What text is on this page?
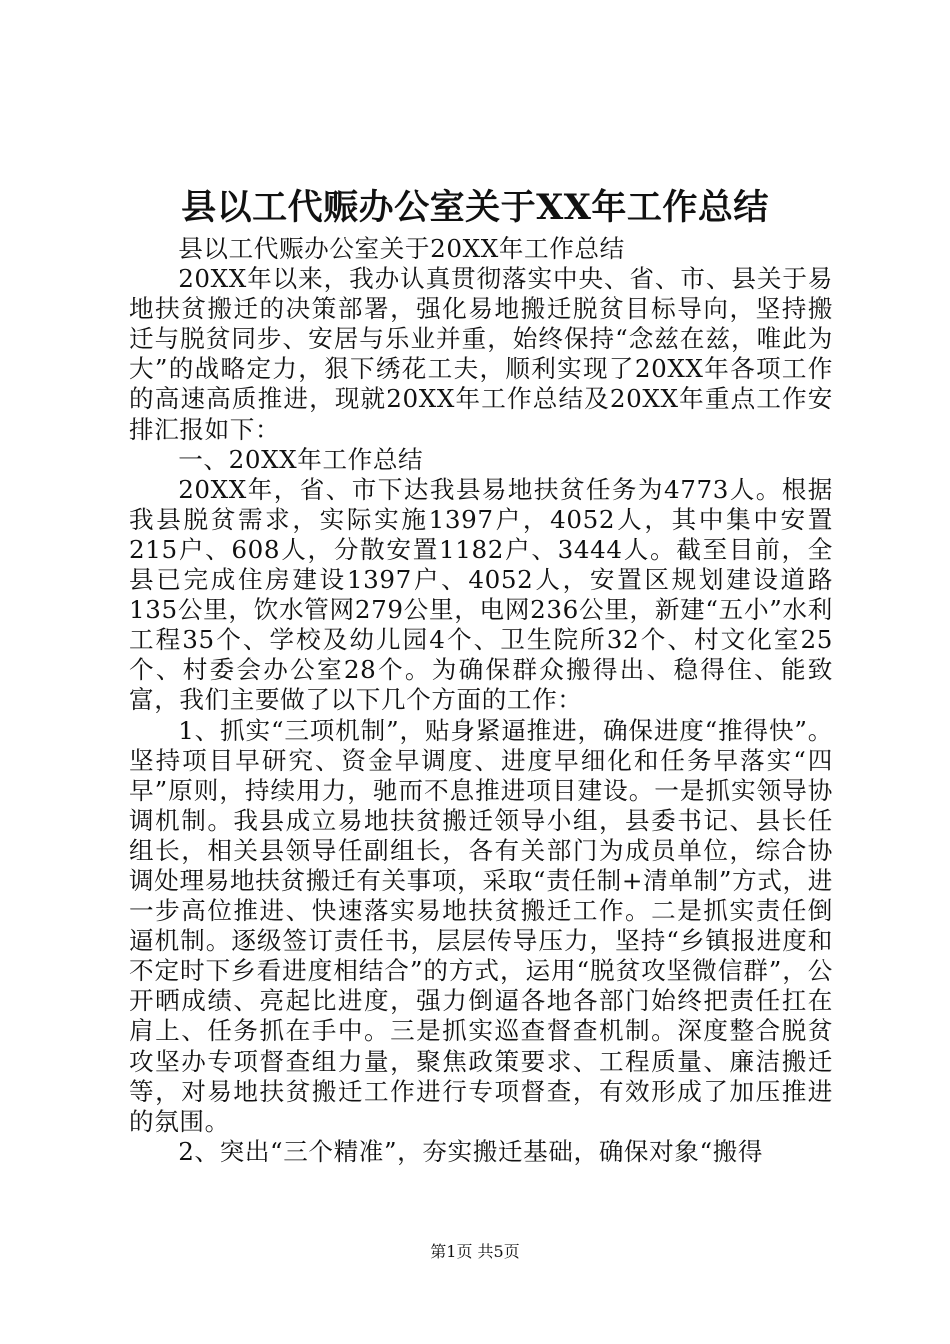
县以工代赈办公室关于XX年工作总结

县以工代赈办公室关于20XX年工作总结

20XX年以来，我办认真贯彻落实中央、省、市、县关于易地扶贫搬迁的决策部署，强化易地搬迁脱贫目标导向，坚持搬迁与脱贫同步、安居与乐业并重，始终保持“念兹在兹，唯此为大”的战略定力，狠下绣花工夫，顺利实现了20XX年各项工作的高速高质推进，现就20XX年工作总结及20XX年重点工作安排汇报如下：

一、20XX年工作总结

20XX年，省、市下达我县易地扶贫任务为4773人。根据我县脱贫需求，实际实施1397户，4052人，其中集中安置215户、608人，分散安置1182户、3444人。截至目前，全县已完成住房建设1397户、4052人，安置区规划建设道路135公里，饮水管网279公里，电网236公里，新建“五小”水利工程35个、学校及幼儿园4个、卫生院所32个、村文化室25个、村委会办公室28个。为确保群众搬得出、稳得住、能致富，我们主要做了以下几个方面的工作：

1、抓实“三项机制”，贴身紧逼推进，确保进度“推得快”。坚持项目早研究、资金早调度、进度早细化和任务早落实“四早”原则，持续用力，驰而不息推进项目建设。一是抓实领导协调机制。我县成立易地扶贫搬迁领导小组，县委书记、县长任组长，相关县领导任副组长，各有关部门为成员单位，综合协调处理易地扶贫搬迁有关事项，采取“责任制+清单制”方式，进一步高位推进、快速落实易地扶贫搬迁工作。二是抓实责任倒逼机制。逐级签订责任书，层层传导压力，坚持“乡镇报进度和不定时下乡看进度相结合”的方式，运用“脱贫攻坚微信群”，公开晒成绩、亮起比进度，强力倒逼各地各部门始终把责任扛在肩上、任务抓在手中。三是抓实巡查督查机制。深度整合脱贫攻坚办专项督查组力量，聚焦政策要求、工程质量、廉洁搬迁等，对易地扶贫搬迁工作进行专项督查，有效形成了加压推进的氛围。

2、突出“三个精准”，夯实搬迁基础，确保对象“搬得

第1页 共5页
